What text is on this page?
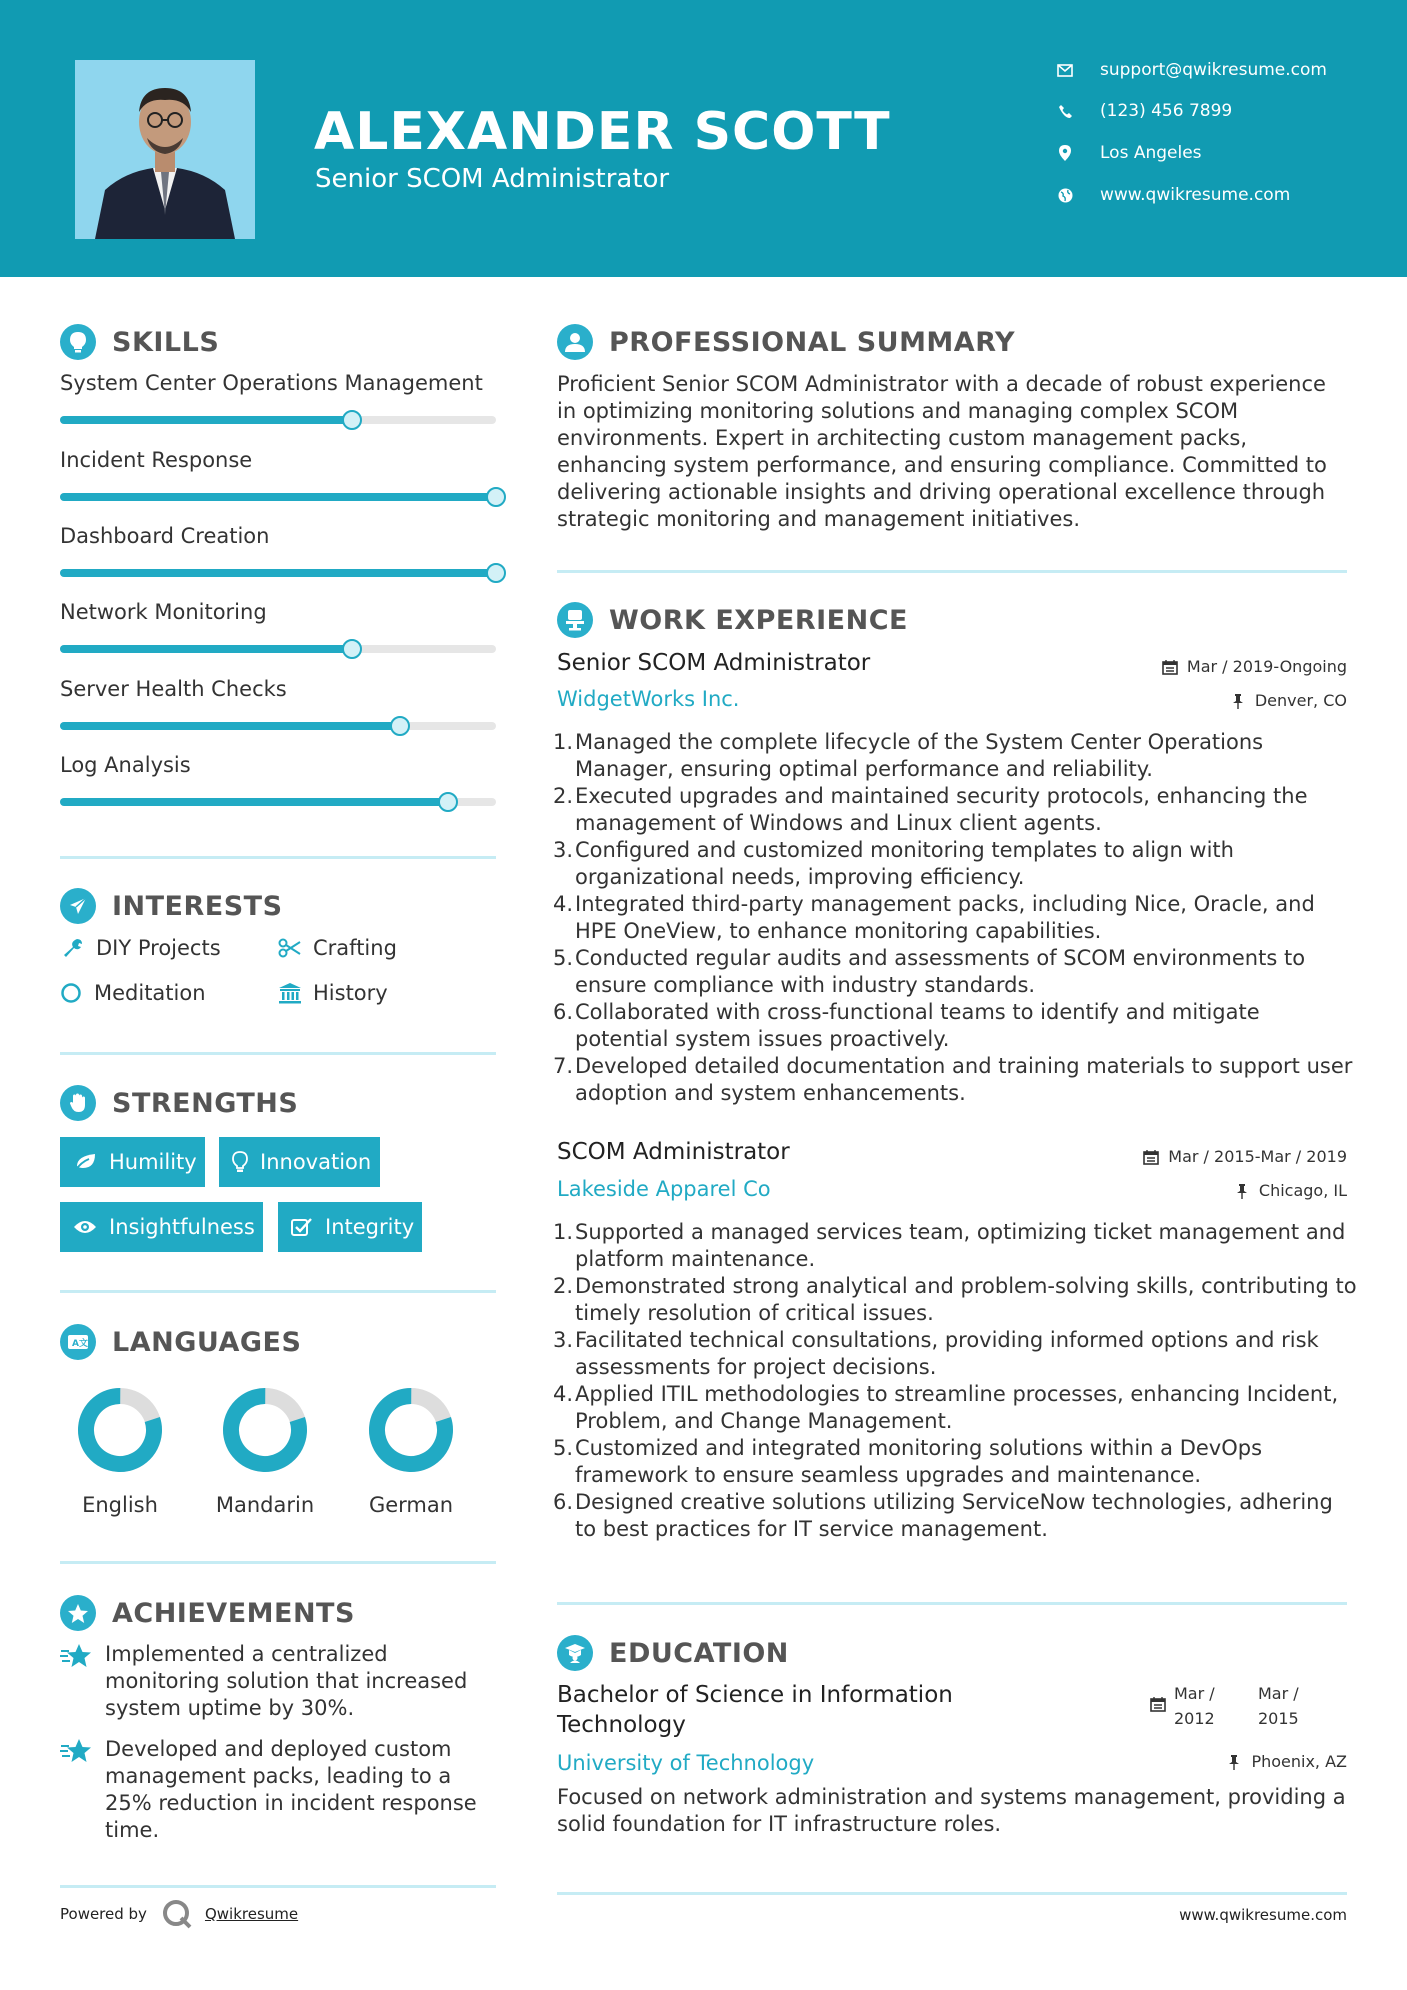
ALEXANDER SCOTT
Senior SCOM Administrator
support@qwikresume.com
(123) 456 7899
Los Angeles
www.qwikresume.com
SKILLS
System Center Operations Management
Incident Response
Dashboard Creation
Network Monitoring
Server Health Checks
Log Analysis
INTERESTS
DIY Projects	Crafting
Meditation	History
STRENGTHS
Humility	Innovation
Insightfulness	Integrity
A 文 LANGUAGES
English	Mandarin	German
ACHIEVEMENTS
Implemented a centralized monitoring solution that increased system uptime by 30%.
Developed and deployed custom management packs, leading to a 25% reduction in incident response time.
PROFESSIONAL SUMMARY
Proficient Senior SCOM Administrator with a decade of robust experience in optimizing monitoring solutions and managing complex SCOM environments. Expert in architecting custom management packs, enhancing system performance, and ensuring compliance. Committed to delivering actionable insights and driving operational excellence through strategic monitoring and management initiatives.
WORK EXPERIENCE
Senior SCOM Administrator	Mar / 2019-Ongoing
WidgetWorks Inc.	Denver, CO
1. Managed the complete lifecycle of the System Center Operations Manager, ensuring optimal performance and reliability.
2. Executed upgrades and maintained security protocols, enhancing the management of Windows and Linux client agents.
3. Configured and customized monitoring templates to align with organizational needs, improving efficiency.
4. Integrated third-party management packs, including Nice, Oracle, and HPE OneView, to enhance monitoring capabilities.
5. Conducted regular audits and assessments of SCOM environments to ensure compliance with industry standards.
6. Collaborated with cross-functional teams to identify and mitigate potential system issues proactively.
7. Developed detailed documentation and training materials to support user adoption and system enhancements.
SCOM Administrator	Mar / 2015-Mar / 2019
Lakeside Apparel Co	Chicago, IL
1. Supported a managed services team, optimizing ticket management and platform maintenance.
2. Demonstrated strong analytical and problem-solving skills, contributing to timely resolution of critical issues.
3. Facilitated technical consultations, providing informed options and risk assessments for project decisions.
4. Applied ITIL methodologies to streamline processes, enhancing Incident, Problem, and Change Management.
5. Customized and integrated monitoring solutions within a DevOps framework to ensure seamless upgrades and maintenance.
6. Designed creative solutions utilizing ServiceNow technologies, adhering to best practices for IT service management.
EDUCATION
Bachelor of Science in Information Technology
Mar / 2012
Mar / 2015
University of Technology	Phoenix, AZ
Focused on network administration and systems management, providing a solid foundation for IT infrastructure roles.
Powered by	Qwikresume	www.qwikresume.com
